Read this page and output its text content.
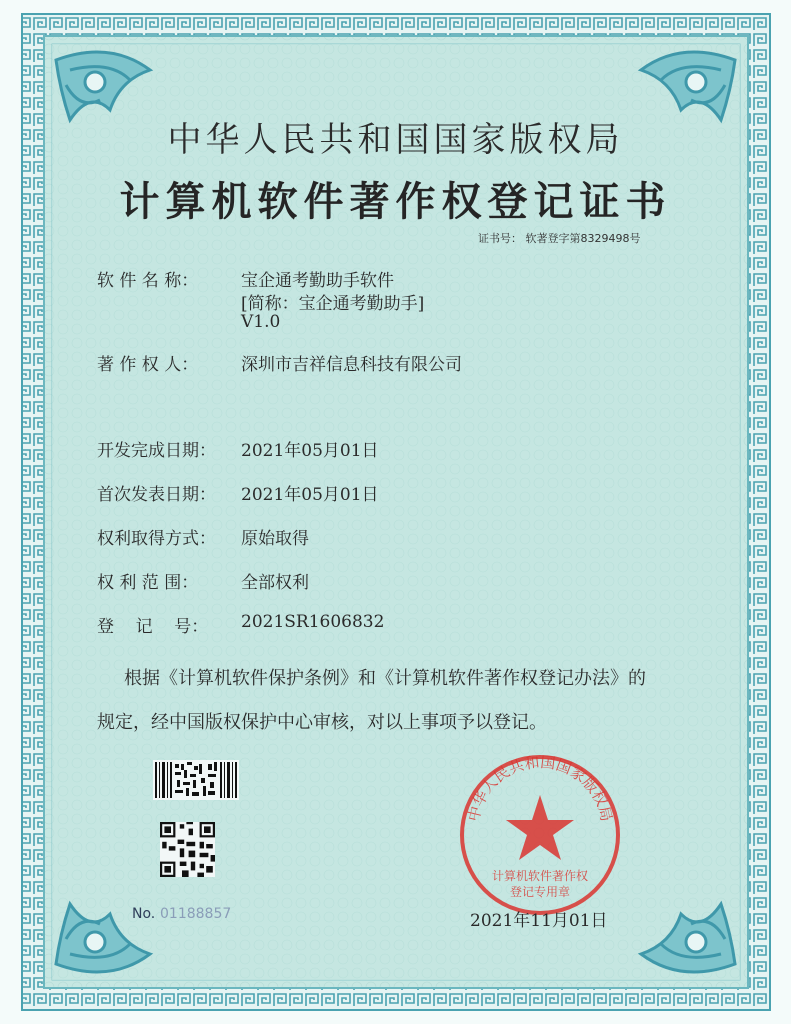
中华人民共和国国家版权局
计算机软件著作权登记证书
证书号： 软著登字第8329498号
软 件 名 称：	宝企通考勤助手软件
[简称：宝企通考勤助手]
V1.0
著 作 权 人：	深圳市吉祥信息科技有限公司
开发完成日期： 2021年05月01日
首次发表日期： 2021年05月01日
权利取得方式： 原始取得
权 利 范 围：	全部权利
登    记    号： 2021SR1606832
根据《计算机软件保护条例》和《计算机软件著作权登记办法》的
规定，经中国版权保护中心审核，对以上事项予以登记。
No. 01188857
中华人民共和国国家版权局
计算机软件著作权
登记专用章
2021年11月01日
